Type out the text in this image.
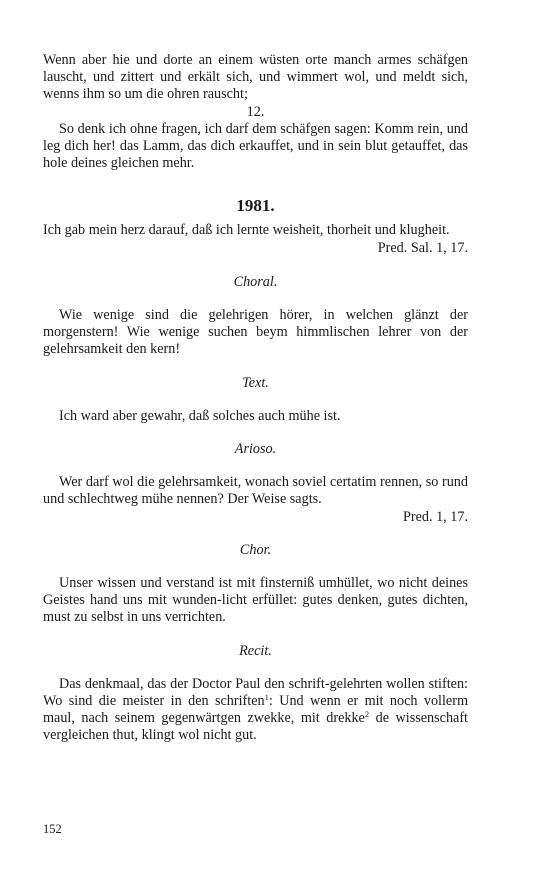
Wenn aber hie und dorte an einem wüsten orte manch armes schäfgen lauscht, und zittert und erkält sich, und wimmert wol, und meldt sich, wenns ihm so um die ohren rauscht;

12.

So denk ich ohne fragen, ich darf dem schäfgen sagen: Komm rein, und leg dich her! das Lamm, das dich erkauffet, und in sein blut getauffet, das hole deines gleichen mehr.

1981.

Ich gab mein herz darauf, daß ich lernte weisheit, thorheit und klugheit.

Pred. Sal. 1, 17.

Choral.

Wie wenige sind die gelehrigen hörer, in welchen glänzt der morgenstern! Wie wenige suchen beym himmlischen lehrer von der gelehrsamkeit den kern!

Text.

Ich ward aber gewahr, daß solches auch mühe ist.

Arioso.

Wer darf wol die gelehrsamkeit, wonach soviel certatim rennen, so rund und schlechtweg mühe nennen? Der Weise sagts.

Pred. 1, 17.

Chor.

Unser wissen und verstand ist mit finsterniß umhüllet, wo nicht deines Geistes hand uns mit wunden-licht erfüllet: gutes denken, gutes dichten, must zu selbst in uns verrichten.

Recit.

Das denkmaal, das der Doctor Paul den schrift-gelehrten wollen stiften: Wo sind die meister in den schriften$^1$: Und wenn er mit noch vollerm maul, nach seinem gegenwärtgen zwekke, mit drekke$^2$ de wissenschaft vergleichen thut, klingt wol nicht gut.

152
